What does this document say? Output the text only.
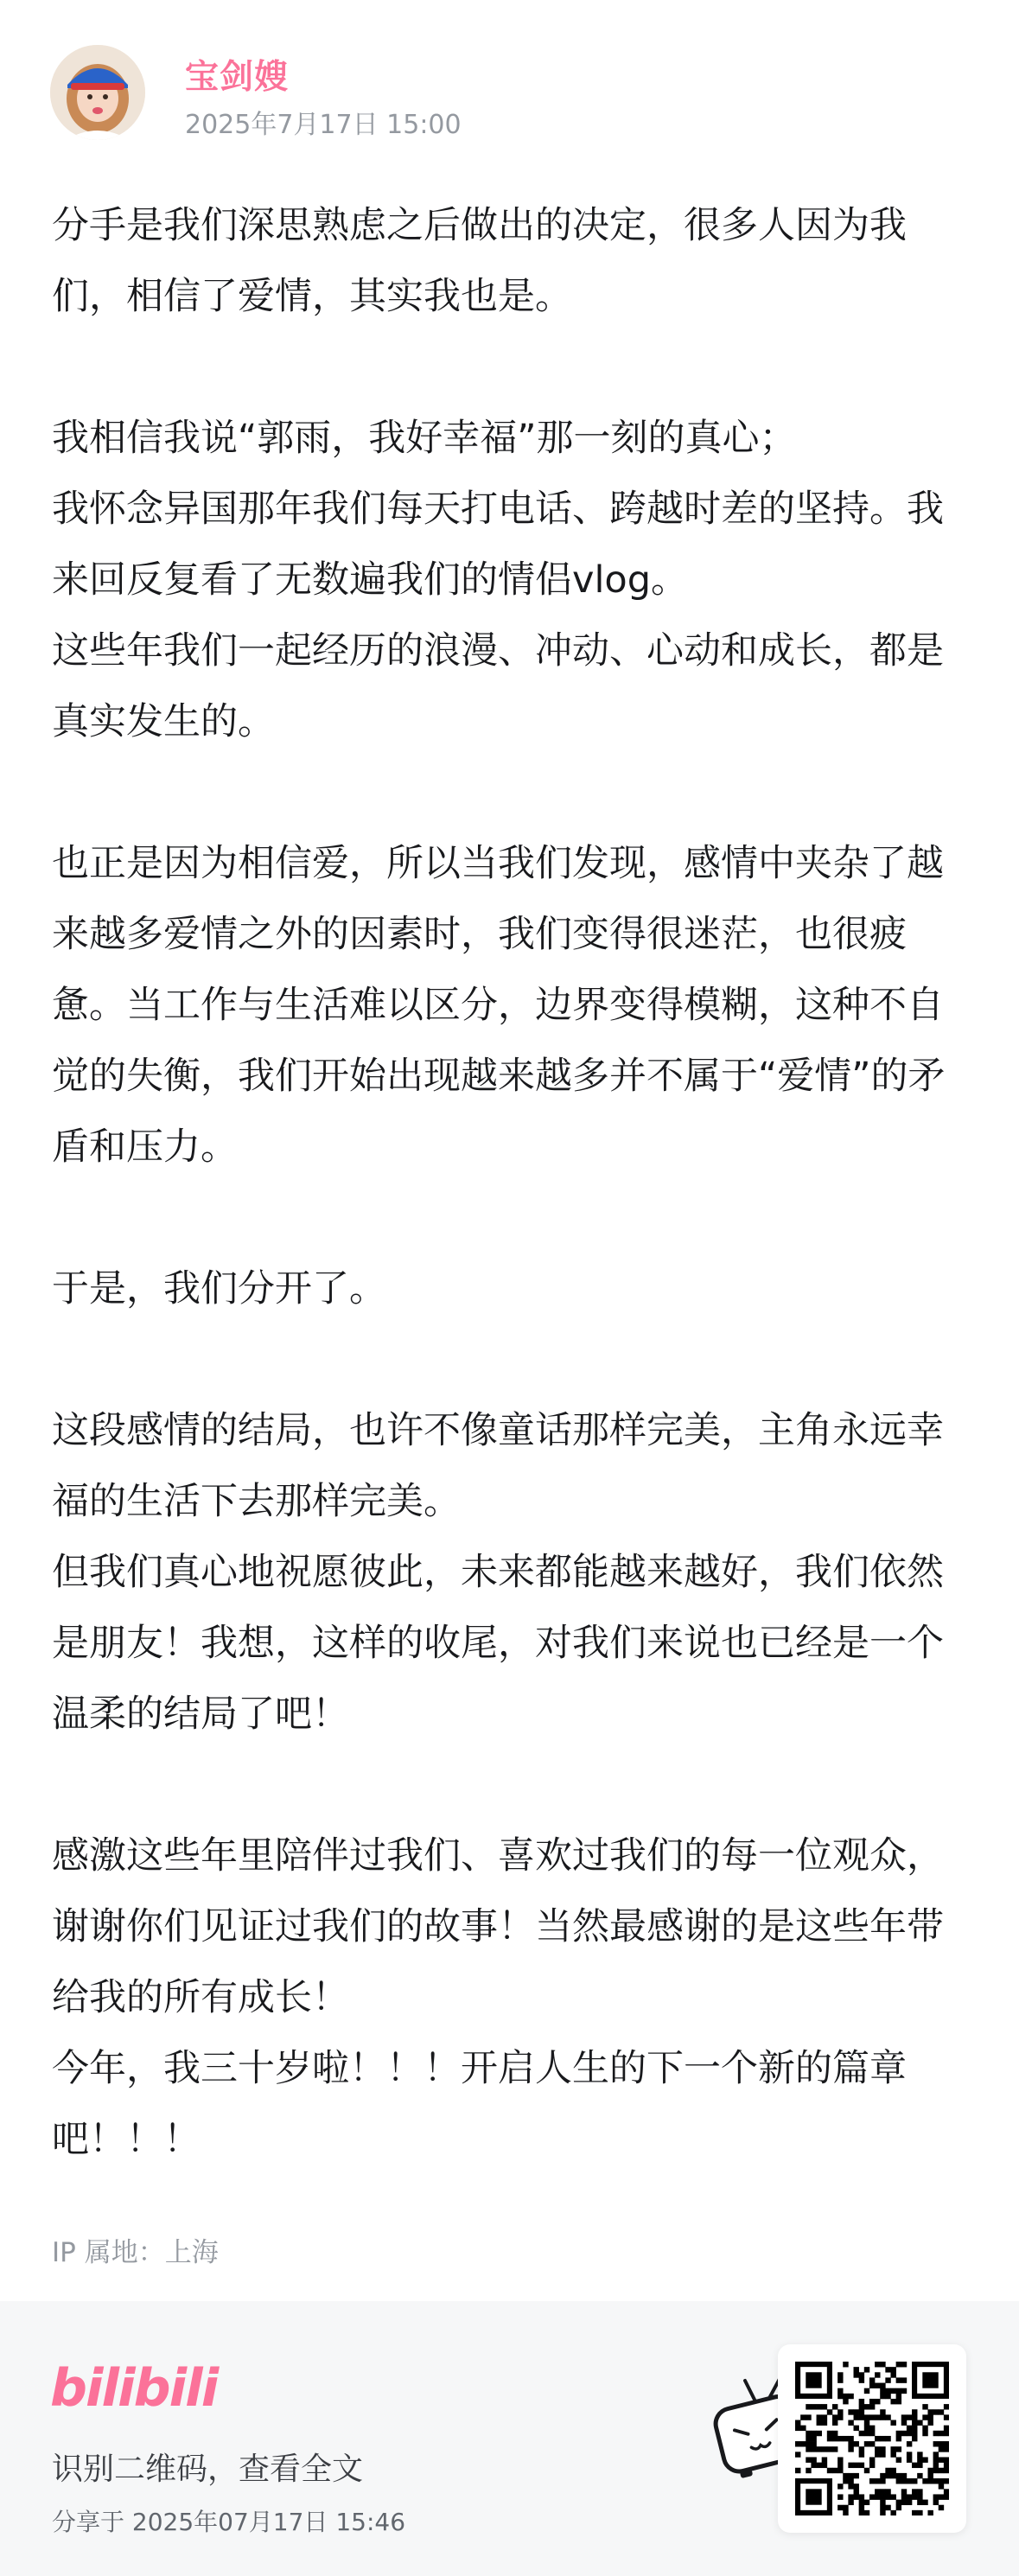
宝剑嫂
2025年7月17日 15:00

分手是我们深思熟虑之后做出的决定，很多人因为我们，相信了爱情，其实我也是。

我相信我说“郭雨，我好幸福”那一刻的真心；
我怀念异国那年我们每天打电话、跨越时差的坚持。我来回反复看了无数遍我们的情侣vlog。
这些年我们一起经历的浪漫、冲动、心动和成长，都是真实发生的。

也正是因为相信爱，所以当我们发现，感情中夹杂了越来越多爱情之外的因素时，我们变得很迷茫，也很疲惫。当工作与生活难以区分，边界变得模糊，这种不自觉的失衡，我们开始出现越来越多并不属于“爱情”的矛盾和压力。

于是，我们分开了。

这段感情的结局，也许不像童话那样完美，主角永远幸福的生活下去那样完美。
但我们真心地祝愿彼此，未来都能越来越好，我们依然是朋友！我想，这样的收尾，对我们来说也已经是一个温柔的结局了吧！

感激这些年里陪伴过我们、喜欢过我们的每一位观众，谢谢你们见证过我们的故事！当然最感谢的是这些年带给我的所有成长！
今年，我三十岁啦！！！开启人生的下一个新的篇章吧！！！

IP 属地：上海
bilibili
识别二维码，查看全文
分享于 2025年07月17日 15:46
